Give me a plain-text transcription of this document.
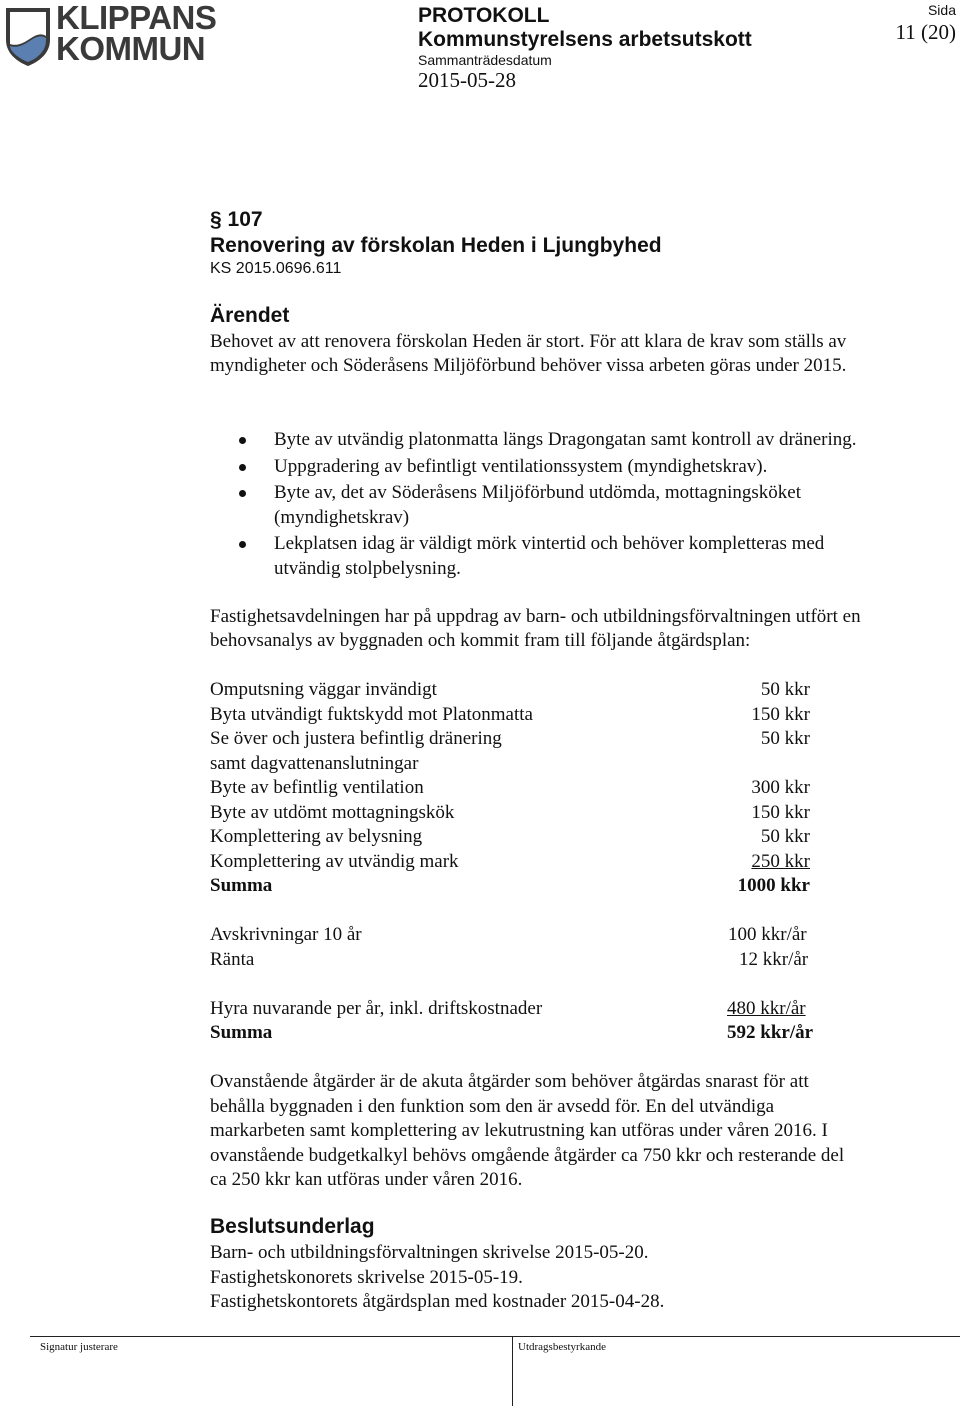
KLIPPANS
KOMMUN
PROTOKOLL
Kommunstyrelsens arbetsutskott
Sammanträdesdatum
2015-05-28
Sida
11 (20)
§ 107
Renovering av förskolan Heden i Ljungbyhed
KS 2015.0696.611
Ärendet

Behovet av att renovera förskolan Heden är stort. För att klara de krav som ställs av

myndigheter och Söderåsens Miljöförbund behöver vissa arbeten göras under 2015.

Byte av utvändig platonmatta längs Dragongatan samt kontroll av dränering.
Uppgradering av befintligt ventilationssystem (myndighetskrav).
Byte av, det av Söderåsens Miljöförbund utdömda, mottagningsköket (myndighetskrav)
Lekplatsen idag är väldigt mörk vintertid och behöver kompletteras med utvändig stolpbelysning.

Fastighetsavdelningen har på uppdrag av barn- och utbildningsförvaltningen utfört en

behovsanalys av byggnaden och kommit fram till följande åtgärdsplan:

Omputsning väggar invändigt	50 kkr
Byta utvändigt fuktskydd mot Platonmatta	150 kkr
Se över och justera befintlig dränering	50 kkr
samt dagvattenanslutningar
Byte av befintlig ventilation	300 kkr
Byte av utdömt mottagningskök	150 kkr
Komplettering av belysning	50 kkr
Komplettering av utvändig mark	250 kkr
Summa	1000 kkr
Avskrivningar 10 år	100 kkr/år
Ränta	12 kkr/år
Hyra nuvarande per år, inkl. driftskostnader	480 kkr/år
Summa	592 kkr/år

Ovanstående åtgärder är de akuta åtgärder som behöver åtgärdas snarast för att

behålla byggnaden i den funktion som den är avsedd för. En del utvändiga

markarbeten samt komplettering av lekutrustning kan utföras under våren 2016. I

ovanstående budgetkalkyl behövs omgående åtgärder ca 750 kkr och resterande del

ca 250 kkr kan utföras under våren 2016.

Beslutsunderlag

Barn- och utbildningsförvaltningen skrivelse 2015-05-20.

Fastighetskonorets skrivelse 2015-05-19.

Fastighetskontorets åtgärdsplan med kostnader 2015-04-28.

Signatur justerare	Utdragsbestyrkande
